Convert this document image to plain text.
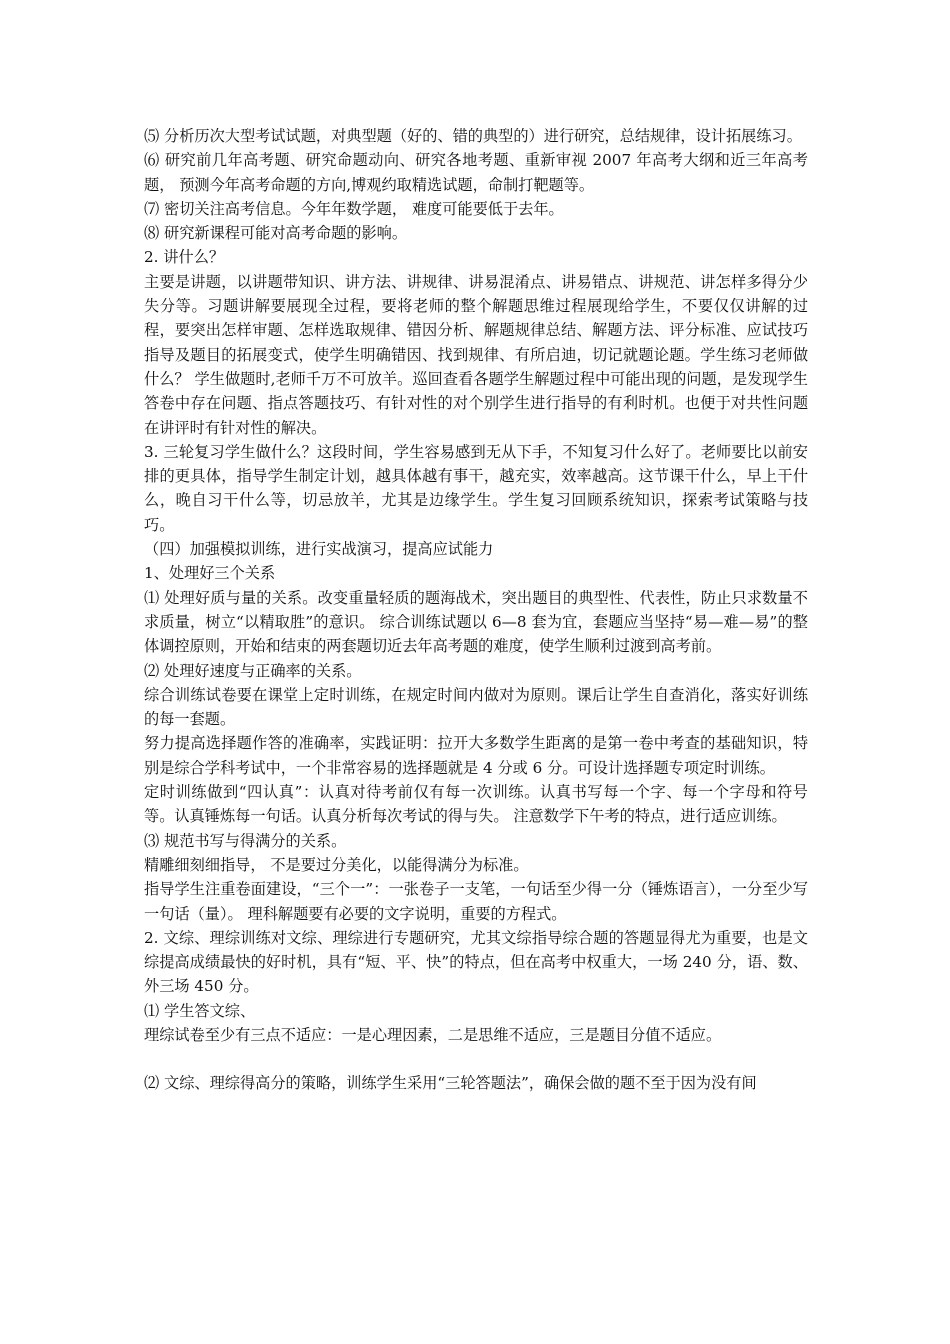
⑸ 分析历次大型考试试题，对典型题（好的、错的典型的）进行研究，总结规律，设计拓展练习。

⑹ 研究前几年高考题、研究命题动向、研究各地考题、重新审视 2007 年高考大纲和近三年高考题， 预测今年高考命题的方向,博观约取精选试题，命制打靶题等。

⑺ 密切关注高考信息。今年年数学题， 难度可能要低于去年。

⑻ 研究新课程可能对高考命题的影响。

2. 讲什么？

主要是讲题，以讲题带知识、讲方法、讲规律、讲易混淆点、讲易错点、讲规范、讲怎样多得分少失分等。习题讲解要展现全过程，要将老师的整个解题思维过程展现给学生，不要仅仅讲解的过程，要突出怎样审题、怎样选取规律、错因分析、解题规律总结、解题方法、评分标准、应试技巧指导及题目的拓展变式，使学生明确错因、找到规律、有所启迪，切记就题论题。学生练习老师做什么？ 学生做题时,老师千万不可放羊。巡回查看各题学生解题过程中可能出现的问题，是发现学生答卷中存在问题、指点答题技巧、有针对性的对个别学生进行指导的有利时机。也便于对共性问题在讲评时有针对性的解决。

3. 三轮复习学生做什么？这段时间，学生容易感到无从下手，不知复习什么好了。老师要比以前安排的更具体，指导学生制定计划，越具体越有事干，越充实，效率越高。这节课干什么，早上干什么，晚自习干什么等，切忌放羊，尤其是边缘学生。学生复习回顾系统知识，探索考试策略与技巧。

（四）加强模拟训练，进行实战演习，提高应试能力

1、处理好三个关系

⑴ 处理好质与量的关系。改变重量轻质的题海战术，突出题目的典型性、代表性，防止只求数量不求质量，树立“以精取胜”的意识。 综合训练试题以 6—8 套为宜，套题应当坚持“易—难—易”的整体调控原则，开始和结束的两套题切近去年高考题的难度，使学生顺利过渡到高考前。

⑵ 处理好速度与正确率的关系。

综合训练试卷要在课堂上定时训练，在规定时间内做对为原则。课后让学生自查消化，落实好训练的每一套题。

努力提高选择题作答的准确率，实践证明：拉开大多数学生距离的是第一卷中考查的基础知识，特别是综合学科考试中，一个非常容易的选择题就是 4 分或 6 分。可设计选择题专项定时训练。

定时训练做到“四认真”：认真对待考前仅有每一次训练。认真书写每一个字、每一个字母和符号等。认真锤炼每一句话。认真分析每次考试的得与失。 注意数学下午考的特点，进行适应训练。

⑶ 规范书写与得满分的关系。

精雕细刻细指导， 不是要过分美化，以能得满分为标准。

指导学生注重卷面建设，“三个一”：一张卷子一支笔，一句话至少得一分（锤炼语言），一分至少写一句话（量）。 理科解题要有必要的文字说明，重要的方程式。

2. 文综、理综训练对文综、理综进行专题研究，尤其文综指导综合题的答题显得尤为重要，也是文综提高成绩最快的好时机，具有“短、平、快”的特点，但在高考中权重大，一场 240 分，语、数、外三场 450 分。

⑴ 学生答文综、

理综试卷至少有三点不适应：一是心理因素，二是思维不适应，三是题目分值不适应。

⑵ 文综、理综得高分的策略，训练学生采用“三轮答题法”，确保会做的题不至于因为没有间
